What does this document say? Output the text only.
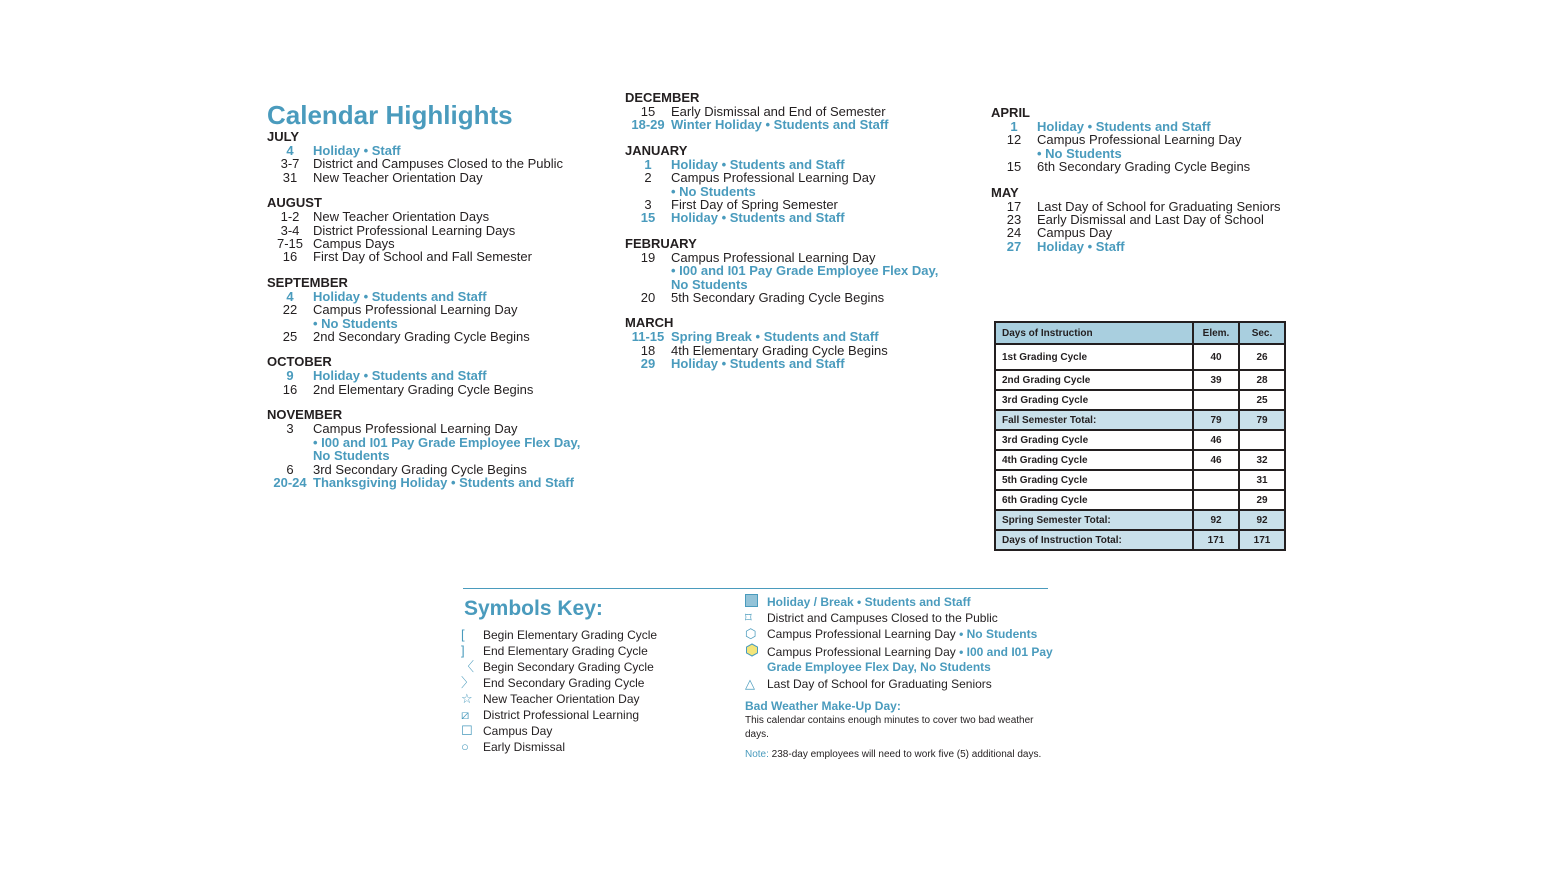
Calendar Highlights
JULY
4	Holiday • Staff
3-7	District and Campuses Closed to the Public
31	New Teacher Orientation Day
AUGUST
1-2	New Teacher Orientation Days
3-4	District Professional Learning Days
7-15 Campus Days
16	First Day of School and Fall Semester
SEPTEMBER
4	Holiday • Students and Staff
22	Campus Professional Learning Day
• No Students
25	2nd Secondary Grading Cycle Begins
OCTOBER
9	Holiday • Students and Staff
16	2nd Elementary Grading Cycle Begins
NOVEMBER
3	Campus Professional Learning Day
• I00 and I01 Pay Grade Employee Flex Day,
No Students
6	3rd Secondary Grading Cycle Begins
20-24 Thanksgiving Holiday • Students and Staff
DECEMBER
15	Early Dismissal and End of Semester
18-29 Winter Holiday • Students and Staff
JANUARY
1	Holiday • Students and Staff
2	Campus Professional Learning Day
• No Students
3	First Day of Spring Semester
15	Holiday • Students and Staff
FEBRUARY
19	Campus Professional Learning Day
• I00 and I01 Pay Grade Employee Flex Day,
No Students
20	5th Secondary Grading Cycle Begins
MARCH
11-15 Spring Break • Students and Staff
18	4th Elementary Grading Cycle Begins
29	Holiday • Students and Staff
APRIL
1	Holiday • Students and Staff
12	Campus Professional Learning Day
• No Students
15	6th Secondary Grading Cycle Begins
MAY
17	Last Day of School for Graduating Seniors
23	Early Dismissal and Last Day of School
24	Campus Day
27	Holiday • Staff
Days of Instruction	Elem.	Sec.
1st Grading Cycle	40	26
2nd Grading Cycle	39	28
3rd Grading Cycle		25
Fall Semester Total:	79	79
3rd Grading Cycle	46	
4th Grading Cycle	46	32
5th Grading Cycle		31
6th Grading Cycle		29
Spring Semester Total:	92	92
Days of Instruction Total:	171	171
Symbols Key:
[	Begin Elementary Grading Cycle
]	End Elementary Grading Cycle
〈 Begin Secondary Grading Cycle
〉 End Secondary Grading Cycle
☆ New Teacher Orientation Day
⧄	District Professional Learning
☐ Campus Day
○	Early Dismissal
Holiday / Break • Students and Staff
⌑	District and Campuses Closed to the Public
⬡ Campus Professional Learning Day
• No Students
Campus Professional Learning Day
• I00 and I01 Pay
Grade Employee Flex Day, No Students
△	Last Day of School for Graduating Seniors
Bad Weather Make-Up Day:
This calendar contains enough minutes to cover two bad weather
days.
Note: 238-day employees will need to work five (5) additional days.
